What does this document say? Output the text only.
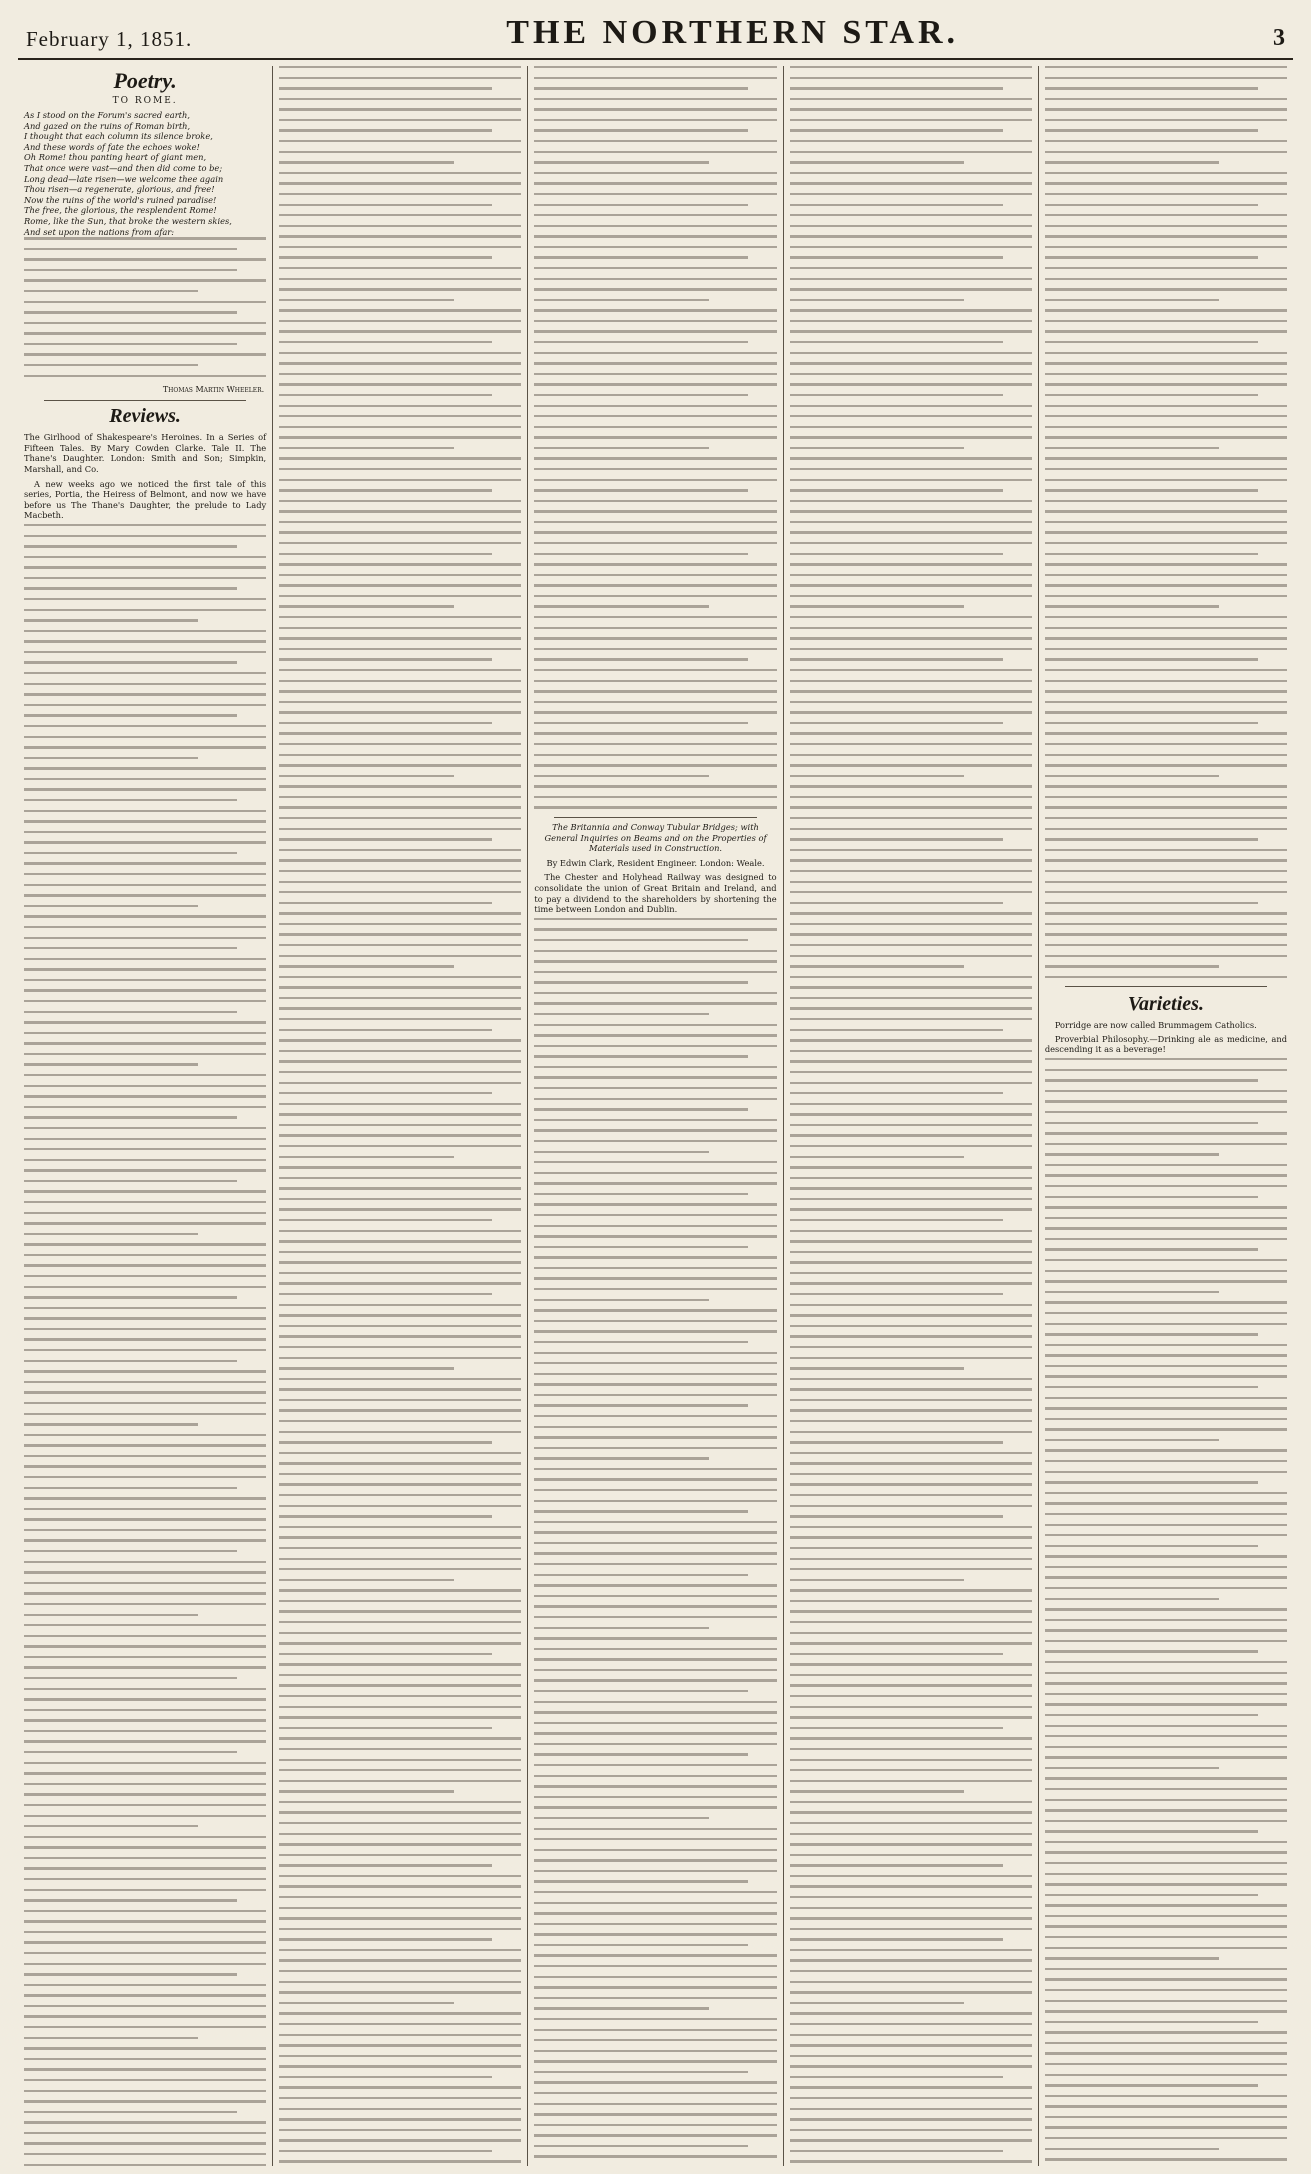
February 1, 1851.	THE NORTHERN STAR.	3
Poetry.
TO ROME.
As I stood on the Forum's sacred earth,
And gazed on the ruins of Roman birth,
I thought that each column its silence broke,
And these words of fate the echoes woke!
Oh Rome! thou panting heart of giant men,
That once were vast—and then did come to be;
Long dead—late risen—we welcome thee again
Thou risen—a regenerate, glorious, and free!
Now the ruins of the world's ruined paradise!
The free, the glorious, the resplendent Rome!
Rome, like the Sun, that broke the western skies,
And set upon the nations from afar:
Thomas Martin Wheeler.
Reviews.
The Girlhood of Shakespeare's Heroines. In a Series of Fifteen Tales. By Mary Cowden Clarke. Tale II. The Thane's Daughter. London: Smith and Son; Simpkin, Marshall, and Co.
A new weeks ago we noticed the first tale of this series, Portia, the Heiress of Belmont, and now we have before us The Thane's Daughter, the prelude to Lady Macbeth.
The Britannia and Conway Tubular Bridges; with General Inquiries on Beams and on the Properties of Materials used in Construction.
By Edwin Clark, Resident Engineer. London: Weale.
The Chester and Holyhead Railway was designed to consolidate the union of Great Britain and Ireland, and to pay a dividend to the shareholders by shortening the time between London and Dublin.
Varieties.
Porridge are now called Brummagem Catholics.
Proverbial Philosophy.—Drinking ale as medicine, and descending it as a beverage!
